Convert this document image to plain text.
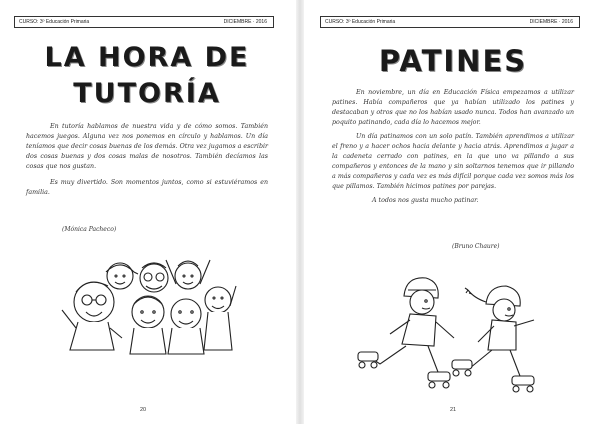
CURSO: 3º Educación Primaria	DICIEMBRE · 2016
LA HORA DE
TUTORÍA

En tutoría hablamos de nuestra vida y de cómo somos. También hacemos juegos. Alguna vez nos ponemos en círculo y hablamos. Un día teníamos que decir cosas buenas de los demás. Otra vez jugamos a escribir dos cosas buenas y dos cosas malas de nosotros. También decíamos las cosas que nos gustan.

Es muy divertido. Son momentos juntos, como si estuviéramos en familia.

(Mónica Pacheco)
20
CURSO: 3º Educación Primaria	DICIEMBRE · 2016
PATINES

En noviembre, un día en Educación Física empezamos a utilizar patines. Había compañeros que ya habían utilizado los patines y destacaban y otros que no los habían usado nunca. Todos han avanzado un poquito patinando, cada día lo hacemos mejor.

Un día patinamos con un solo patín. También aprendimos a utilizar el freno y a hacer ochos hacia delante y hacia atrás. Aprendimos a jugar a la cadeneta cerrado con patines, en la que uno va pillando a sus compañeros y entonces de la mano y sin soltarnos tenemos que ir pillando a más compañeros y cada vez es más difícil porque cada vez somos más los que pillamos. También hicimos patines por parejas.

A todos nos gusta mucho patinar.

(Bruno Chaure)
21
